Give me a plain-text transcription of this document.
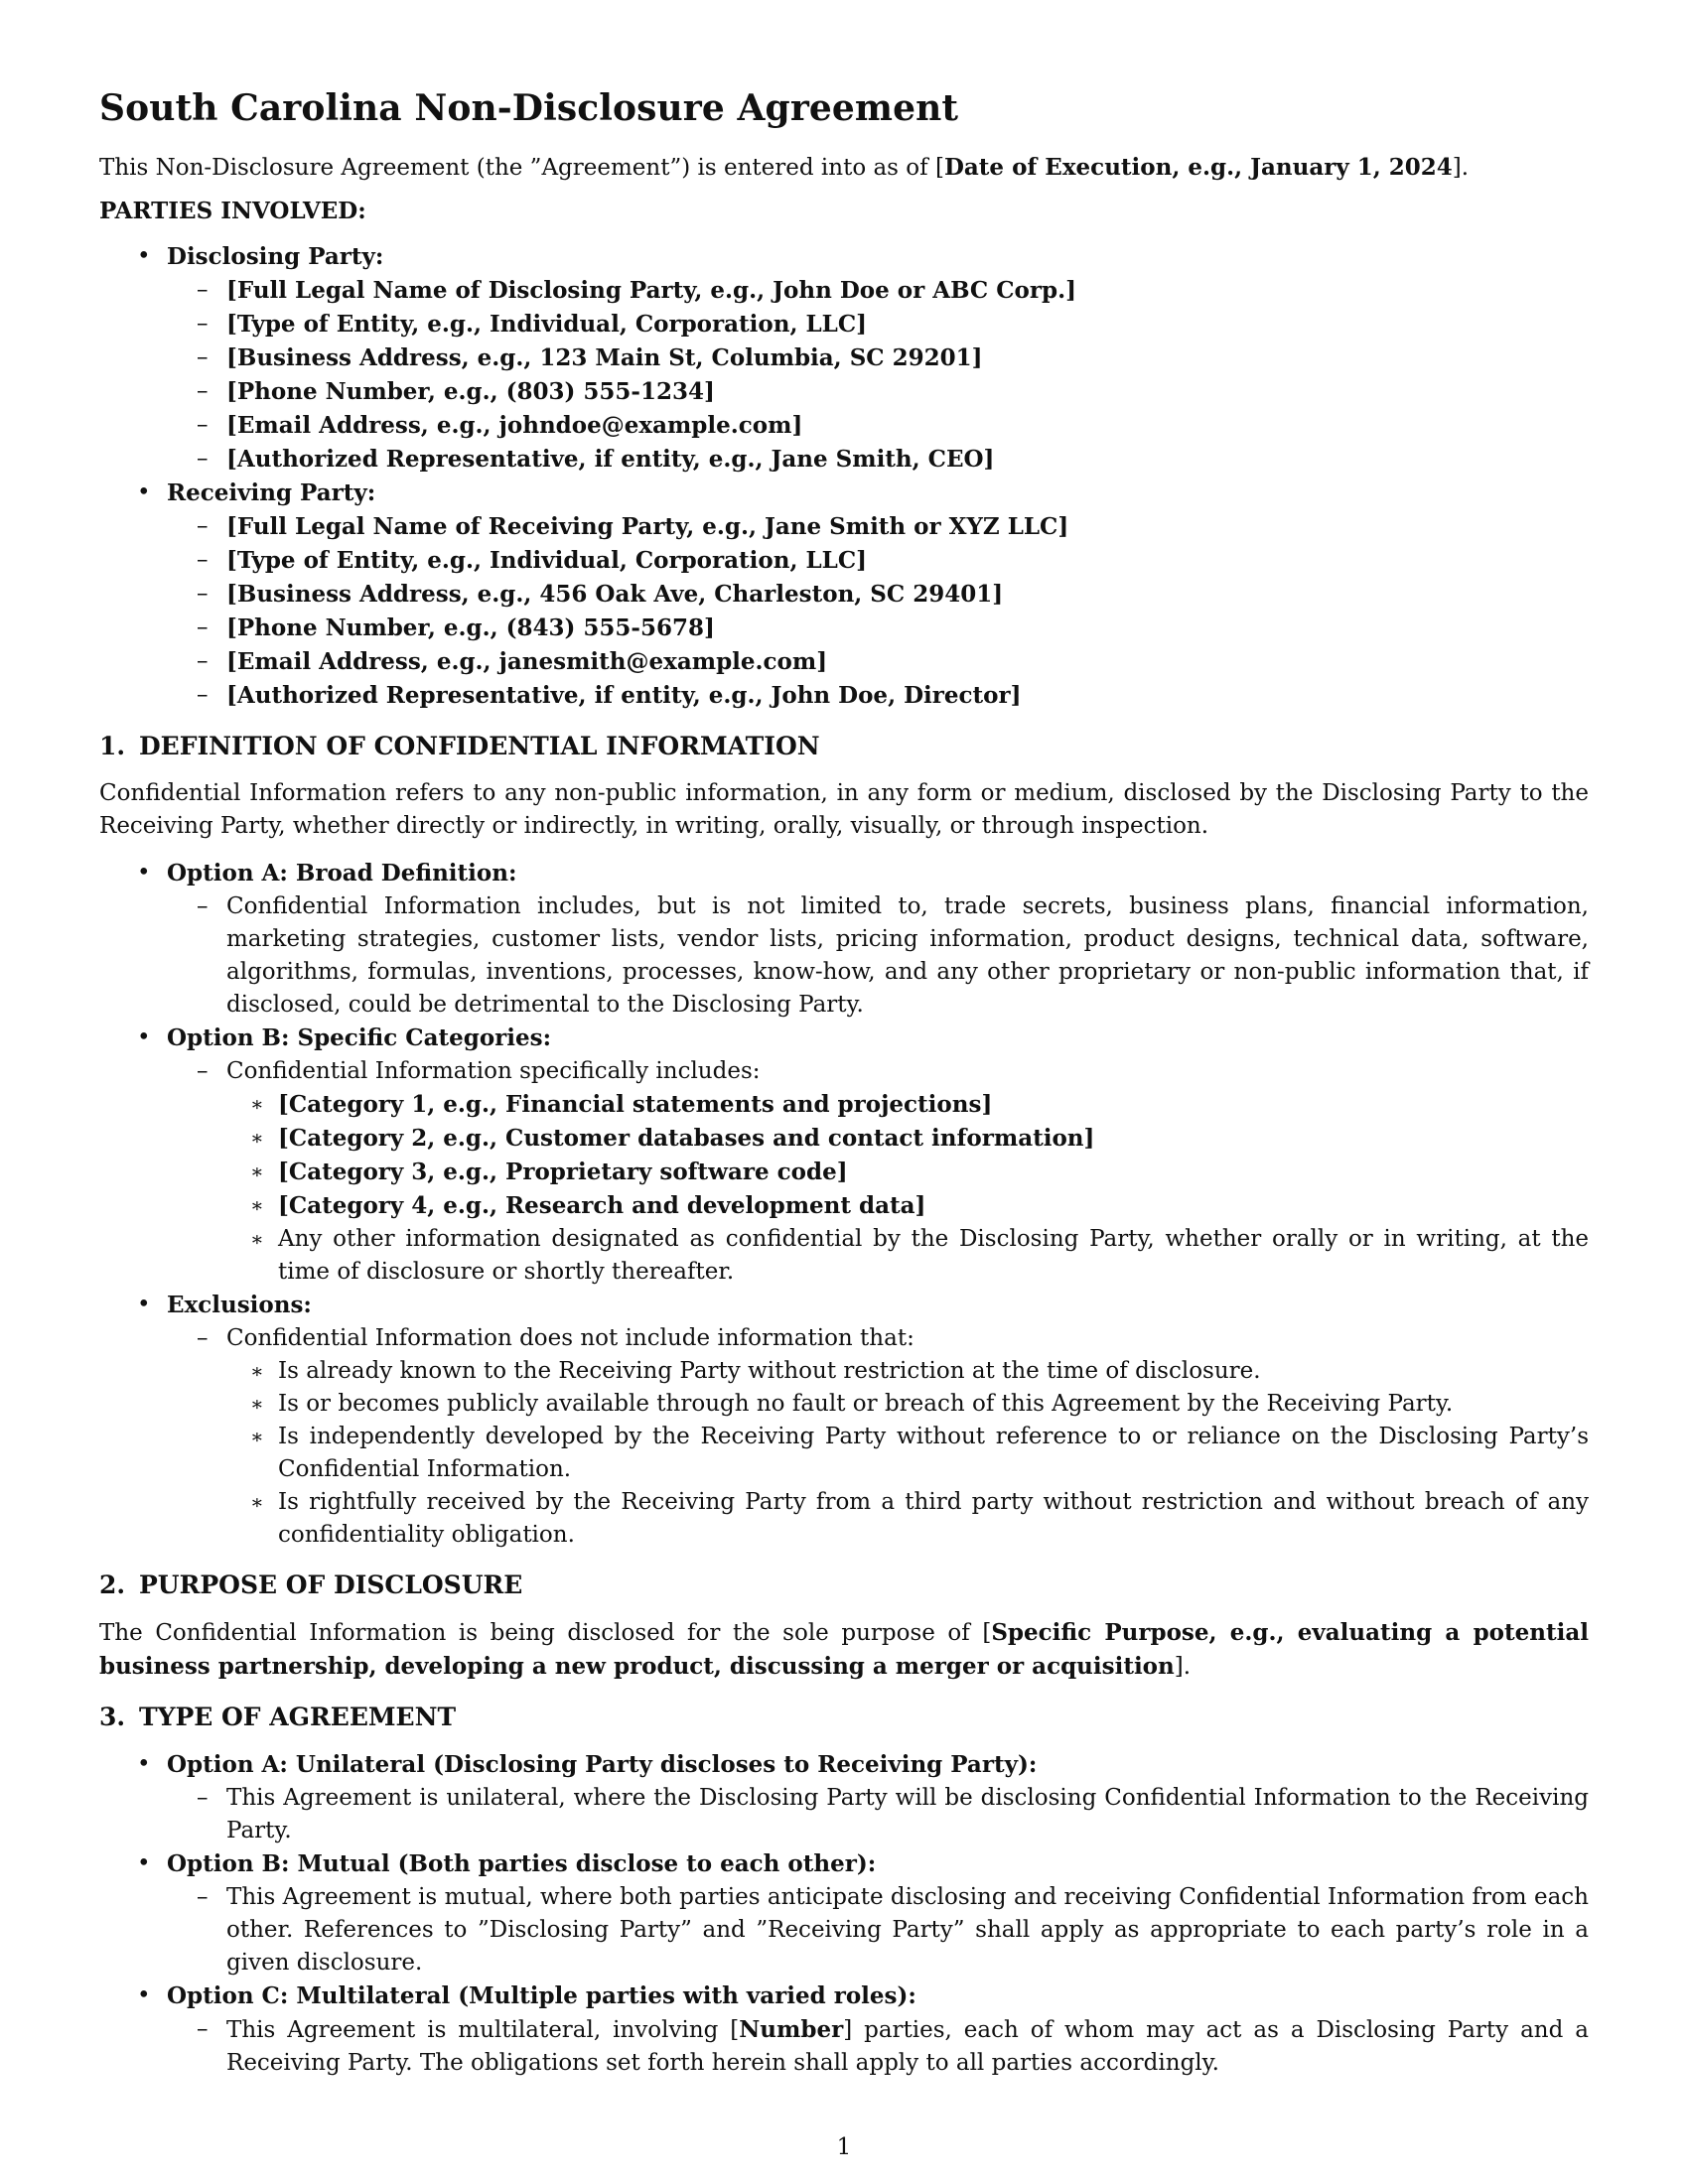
South Carolina Non-Disclosure Agreement

This Non-Disclosure Agreement (the ”Agreement”) is entered into as of [Date of Execution, e.g., January 1, 2024].

PARTIES INVOLVED:
• Disclosing Party:
– [Full Legal Name of Disclosing Party, e.g., John Doe or ABC Corp.]
– [Type of Entity, e.g., Individual, Corporation, LLC]
– [Business Address, e.g., 123 Main St, Columbia, SC 29201]
– [Phone Number, e.g., (803) 555-1234]
– [Email Address, e.g., johndoe@example.com]
– [Authorized Representative, if entity, e.g., Jane Smith, CEO]
• Receiving Party:
– [Full Legal Name of Receiving Party, e.g., Jane Smith or XYZ LLC]
– [Type of Entity, e.g., Individual, Corporation, LLC]
– [Business Address, e.g., 456 Oak Ave, Charleston, SC 29401]
– [Phone Number, e.g., (843) 555-5678]
– [Email Address, e.g., janesmith@example.com]
– [Authorized Representative, if entity, e.g., John Doe, Director]
1. DEFINITION OF CONFIDENTIAL INFORMATION

Confidential Information refers to any non-public information, in any form or medium, disclosed by the Disclosing Party to the Receiving Party, whether directly or indirectly, in writing, orally, visually, or through inspection.

• Option A: Broad Definition:
– Confidential Information includes, but is not limited to, trade secrets, business plans, financial information, marketing strategies, customer lists, vendor lists, pricing information, product designs, technical data, software, algorithms, formulas, inventions, processes, know-how, and any other proprietary or non-public information that, if disclosed, could be detrimental to the Disclosing Party.
• Option B: Specific Categories:
– Confidential Information specifically includes:
∗ [Category 1, e.g., Financial statements and projections]
∗ [Category 2, e.g., Customer databases and contact information]
∗ [Category 3, e.g., Proprietary software code]
∗ [Category 4, e.g., Research and development data]
∗ Any other information designated as confidential by the Disclosing Party, whether orally or in writing, at the time of disclosure or shortly thereafter.
• Exclusions:
– Confidential Information does not include information that:
∗ Is already known to the Receiving Party without restriction at the time of disclosure.
∗ Is or becomes publicly available through no fault or breach of this Agreement by the Receiving Party.
∗ Is independently developed by the Receiving Party without reference to or reliance on the Disclosing Party’s Confidential Information.
∗ Is rightfully received by the Receiving Party from a third party without restriction and without breach of any confidentiality obligation.
2. PURPOSE OF DISCLOSURE

The Confidential Information is being disclosed for the sole purpose of [Specific Purpose, e.g., evaluating a potential business partnership, developing a new product, discussing a merger or acquisition].

3. TYPE OF AGREEMENT
• Option A: Unilateral (Disclosing Party discloses to Receiving Party):
– This Agreement is unilateral, where the Disclosing Party will be disclosing Confidential Information to the Receiving Party.
• Option B: Mutual (Both parties disclose to each other):
– This Agreement is mutual, where both parties anticipate disclosing and receiving Confidential Information from each other. References to ”Disclosing Party” and ”Receiving Party” shall apply as appropriate to each party’s role in a given disclosure.
• Option C: Multilateral (Multiple parties with varied roles):
– This Agreement is multilateral, involving [Number] parties, each of whom may act as a Disclosing Party and a Receiving Party. The obligations set forth herein shall apply to all parties accordingly.
1
